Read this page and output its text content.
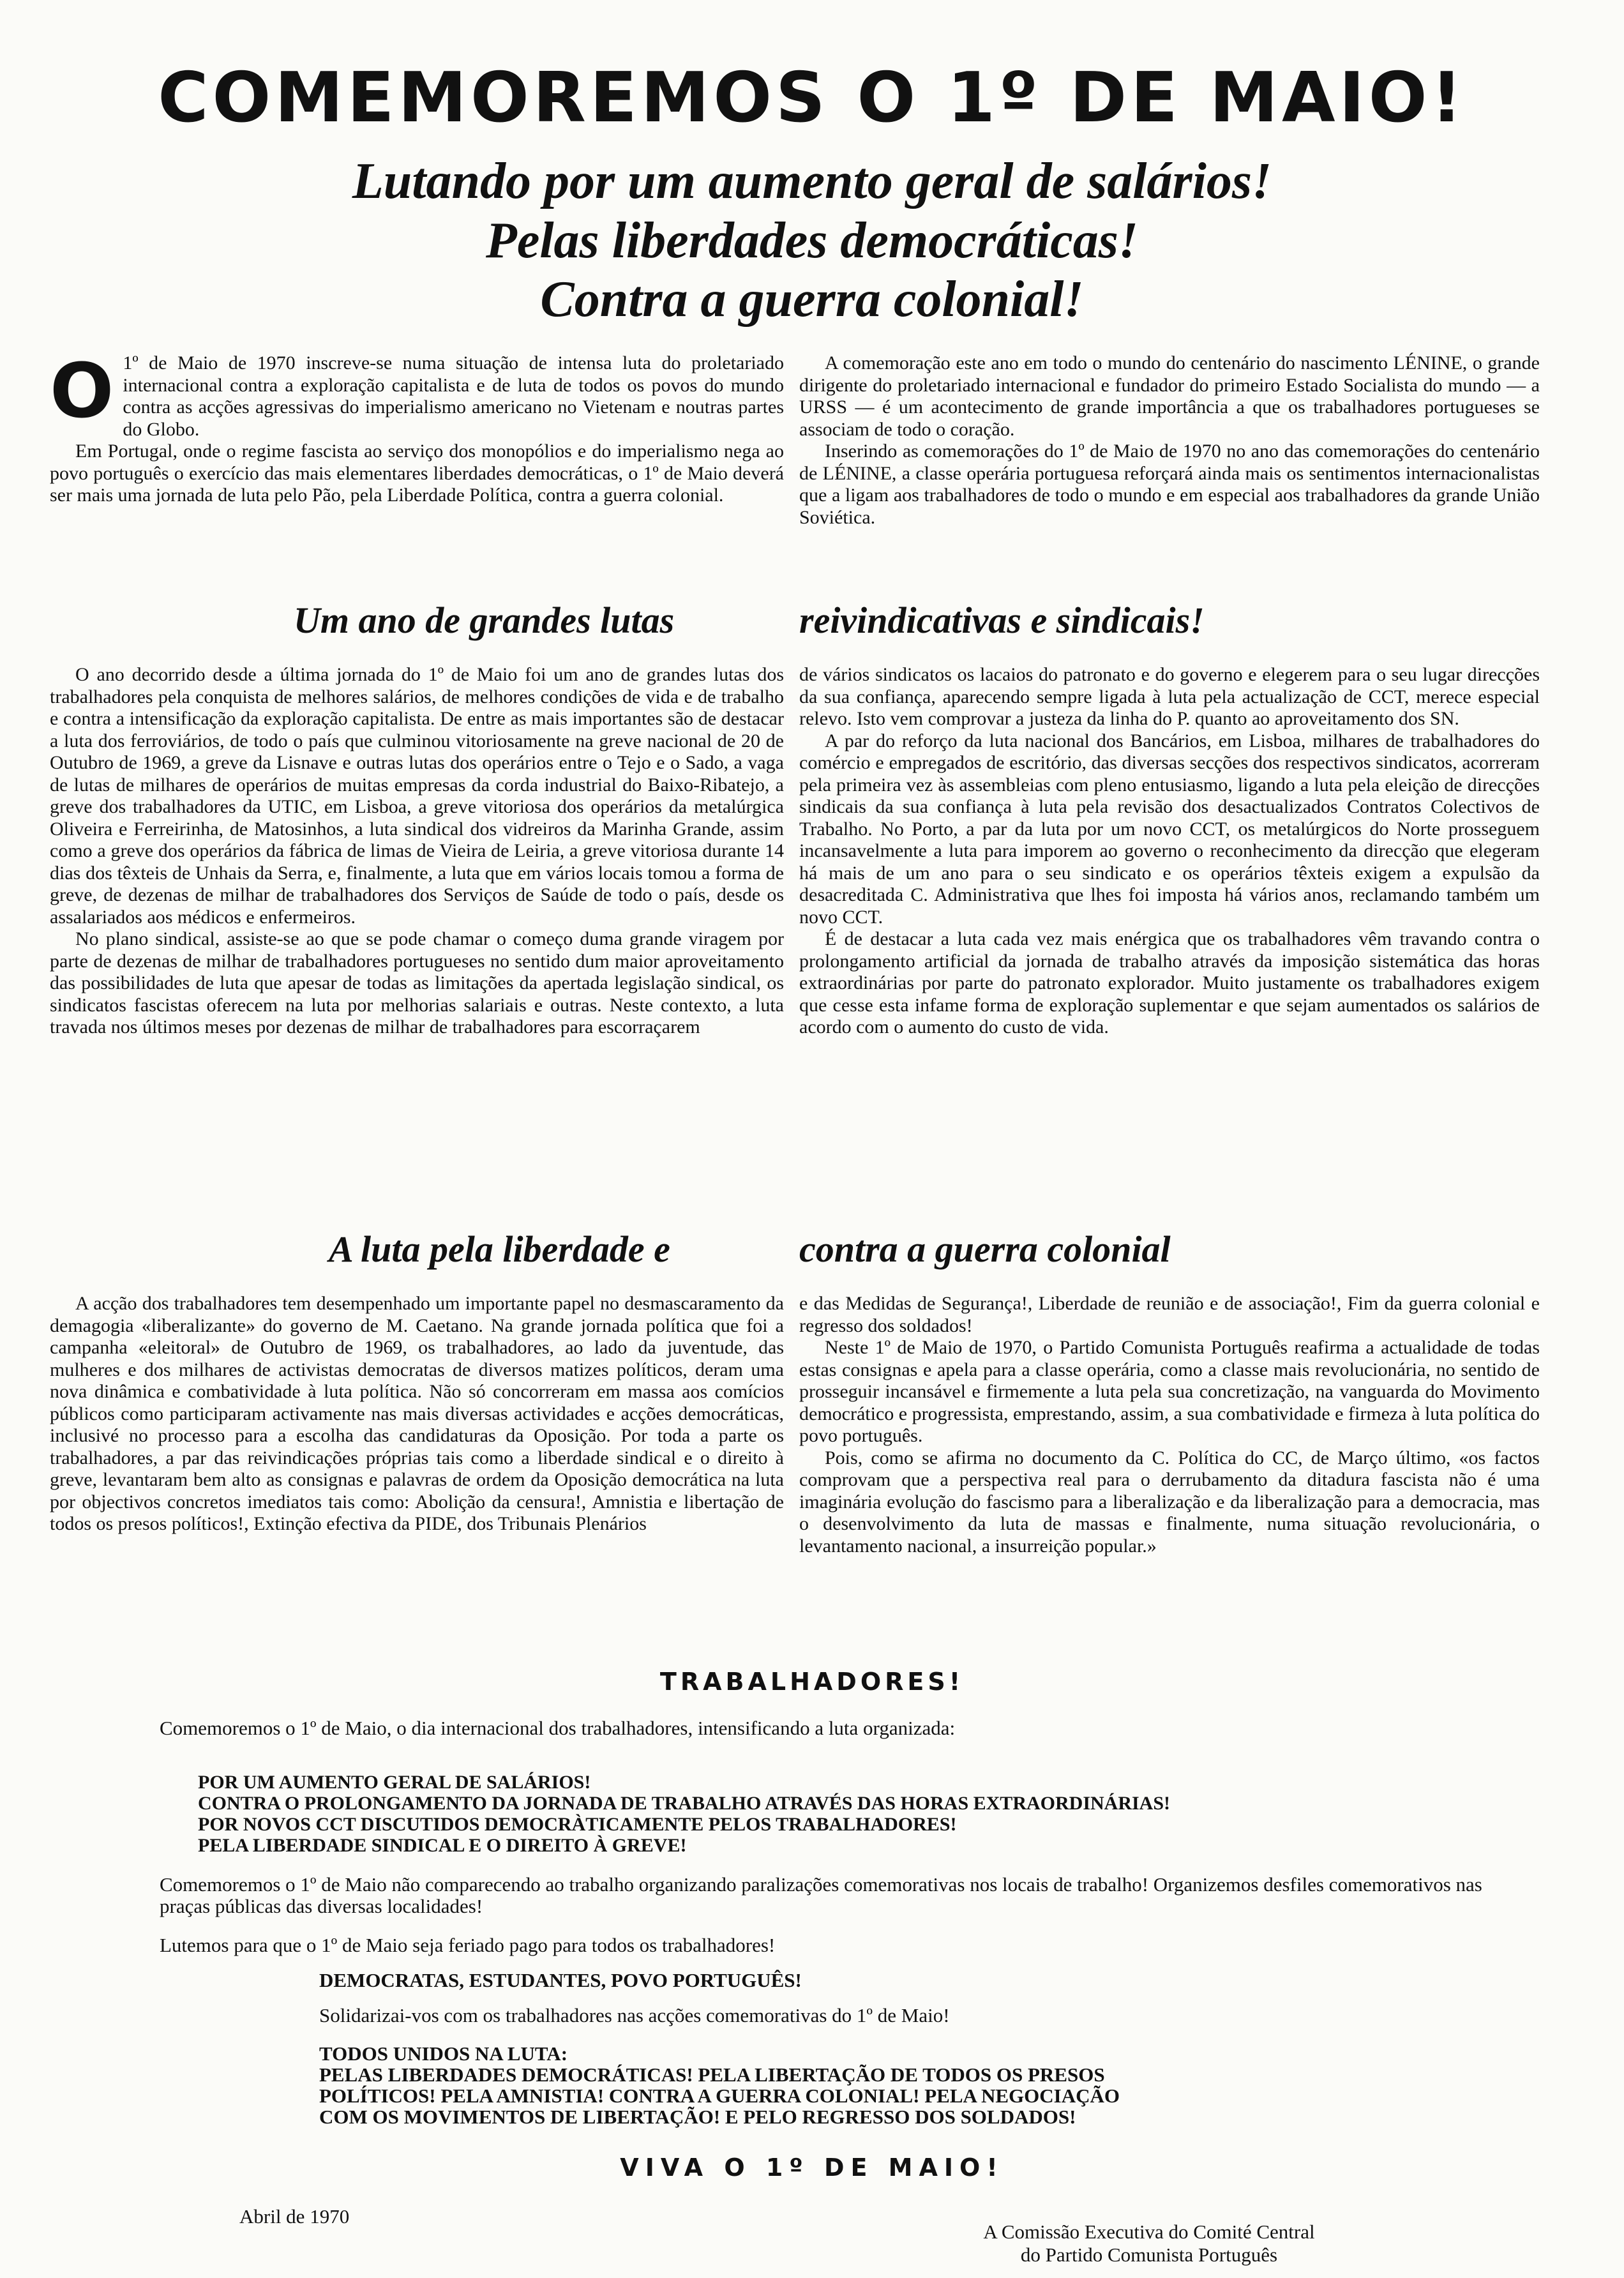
COMEMOREMOS O 1º DE MAIO!
Lutando por um aumento geral de salários!
Pelas liberdades democráticas!
Contra a guerra colonial!

O 1º de Maio de 1970 inscreve-se numa situação de intensa luta do proletariado internacional contra a exploração capitalista e de luta de todos os povos do mundo contra as acções agressivas do imperialismo americano no Vietenam e noutras partes do Globo.

Em Portugal, onde o regime fascista ao serviço dos monopólios e do imperialismo nega ao povo português o exercício das mais elementares liberdades democráticas, o 1º de Maio deverá ser mais uma jornada de luta pelo Pão, pela Liberdade Política, contra a guerra colonial.

A comemoração este ano em todo o mundo do centenário do nascimento LÉNINE, o grande dirigente do proletariado internacional e fundador do primeiro Estado Socialista do mundo — a URSS — é um acontecimento de grande importância a que os trabalhadores portugueses se associam de todo o coração.

Inserindo as comemorações do 1º de Maio de 1970 no ano das comemorações do centenário de LÉNINE, a classe operária portuguesa reforçará ainda mais os sentimentos internacionalistas que a ligam aos trabalhadores de todo o mundo e em especial aos trabalhadores da grande União Soviética.

Um ano de grandes lutas	reivindicativas e sindicais!

O ano decorrido desde a última jornada do 1º de Maio foi um ano de grandes lutas dos trabalhadores pela conquista de melhores salários, de melhores condições de vida e de trabalho e contra a intensificação da exploração capitalista. De entre as mais importantes são de destacar a luta dos ferroviários, de todo o país que culminou vitoriosamente na greve nacional de 20 de Outubro de 1969, a greve da Lisnave e outras lutas dos operários entre o Tejo e o Sado, a vaga de lutas de milhares de operários de muitas empresas da cordа industrial do Baixo-Ribatejo, a greve dos trabalhadores da UTIC, em Lisboa, a greve vitoriosa dos operários da metalúrgica Oliveira e Ferreirinha, de Matosinhos, a luta sindical dos vidreiros da Marinha Grande, assim como a greve dos operários da fábrica de limas de Vieira de Leiria, a greve vitoriosa durante 14 dias dos têxteis de Unhais da Serra, e, finalmente, a luta que em vários locais tomou a forma de greve, de dezenas de milhar de trabalhadores dos Serviços de Saúde de todo o país, desde os assalariados aos médicos e enfermeiros.

No plano sindical, assiste-se ao que se pode chamar o começo duma grande viragem por parte de dezenas de milhar de trabalhadores portugueses no sentido dum maior aproveitamento das possibilidades de luta que apesar de todas as limitações da apertada legislação sindical, os sindicatos fascistas oferecem na luta por melhorias salariais e outras. Neste contexto, a luta travada nos últimos meses por dezenas de milhar de trabalhadores para escorraçarem

de vários sindicatos os lacaios do patronato e do governo e elegerem para o seu lugar direcções da sua confiança, aparecendo sempre ligada à luta pela actualização de CCT, merece especial relevo. Isto vem comprovar a justeza da linha do P. quanto ao aproveitamento dos SN.

A par do reforço da luta nacional dos Bancários, em Lisboa, milhares de trabalhadores do comércio e empregados de escritório, das diversas secções dos respectivos sindicatos, acorreram pela primeira vez às assembleias com pleno entusiasmo, ligando a luta pela eleição de direcções sindicais da sua confiança à luta pela revisão dos desactualizados Contratos Colectivos de Trabalho. No Porto, a par da luta por um novo CCT, os metalúrgicos do Norte prosseguem incansavelmente a luta para imporem ao governo o reconhecimento da direcção que elegeram há mais de um ano para o seu sindicato e os operários têxteis exigem a expulsão da desacreditada C. Administrativa que lhes foi imposta há vários anos, reclamando também um novo CCT.

É de destacar a luta cada vez mais enérgica que os trabalhadores vêm travando contra o prolongamento artificial da jornada de trabalho através da imposição sistemática das horas extraordinárias por parte do patronato explorador. Muito justamente os trabalhadores exigem que cesse esta infame forma de exploração suplementar e que sejam aumentados os salários de acordo com o aumento do custo de vida.

A luta pela liberdade e	contra a guerra colonial

A acção dos trabalhadores tem desempenhado um importante papel no desmascaramento da demagogia «liberalizante» do governo de M. Caetano. Na grande jornada política que foi a campanha «eleitoral» de Outubro de 1969, os trabalhadores, ao lado da juventude, das mulheres e dos milhares de activistas democratas de diversos matizes políticos, deram uma nova dinâmica e combatividade à luta política. Não só concorreram em massa aos comícios públicos como participaram activamente nas mais diversas actividades e acções democráticas, inclusivé no processo para a escolha das candidaturas da Oposição. Por toda a parte os trabalhadores, a par das reivindicações próprias tais como a liberdade sindical e o direito à greve, levantaram bem alto as consignas e palavras de ordem da Oposição democrática na luta por objectivos concretos imediatos tais como: Abolição da censura!, Amnistia e libertação de todos os presos políticos!, Extinção efectiva da PIDE, dos Tribunais Plenários

e das Medidas de Segurança!, Liberdade de reunião e de associação!, Fim da guerra colonial e regresso dos soldados!

Neste 1º de Maio de 1970, o Partido Comunista Português reafirma a actualidade de todas estas consignas e apela para a classe operária, como a classe mais revolucionária, no sentido de prosseguir incansável e firmemente a luta pela sua concretização, na vanguarda do Movimento democrático e progressista, emprestando, assim, a sua combatividade e firmeza à luta política do povo português.

Pois, como se afirma no documento da C. Política do CC, de Março último, «os factos comprovam que a perspectiva real para o derrubamento da ditadura fascista não é uma imaginária evolução do fascismo para a liberalização e da liberalização para a democracia, mas o desenvolvimento da luta de massas e finalmente, numa situação revolucionária, o levantamento nacional, a insurreição popular.»

TRABALHADORES!

Comemoremos o 1º de Maio, o dia internacional dos trabalhadores, intensificando a luta organizada:

POR UM AUMENTO GERAL DE SALÁRIOS!
CONTRA O PROLONGAMENTO DA JORNADA DE TRABALHO ATRAVÉS DAS HORAS EXTRAORDINÁRIAS!
POR NOVOS CCT DISCUTIDOS DEMOCRÀTICAMENTE PELOS TRABALHADORES!
PELA LIBERDADE SINDICAL E O DIREITO À GREVE!

Comemoremos o 1º de Maio não comparecendo ao trabalho organizando paralizações comemorativas nos locais de trabalho! Organizemos desfiles comemorativos nas praças públicas das diversas localidades!

Lutemos para que o 1º de Maio seja feriado pago para todos os trabalhadores!

DEMOCRATAS, ESTUDANTES, POVO PORTUGUÊS!
Solidarizai-vos com os trabalhadores nas acções comemorativas do 1º de Maio!
TODOS UNIDOS NA LUTA:
PELAS LIBERDADES DEMOCRÁTICAS! PELA LIBERTAÇÃO DE TODOS OS PRESOS
POLÍTICOS! PELA AMNISTIA! CONTRA A GUERRA COLONIAL! PELA NEGOCIAÇÃO
COM OS MOVIMENTOS DE LIBERTAÇÃO! E PELO REGRESSO DOS SOLDADOS!
VIVA O 1º DE MAIO!
Abril de 1970
A Comissão Executiva do Comité Central
do Partido Comunista Português
